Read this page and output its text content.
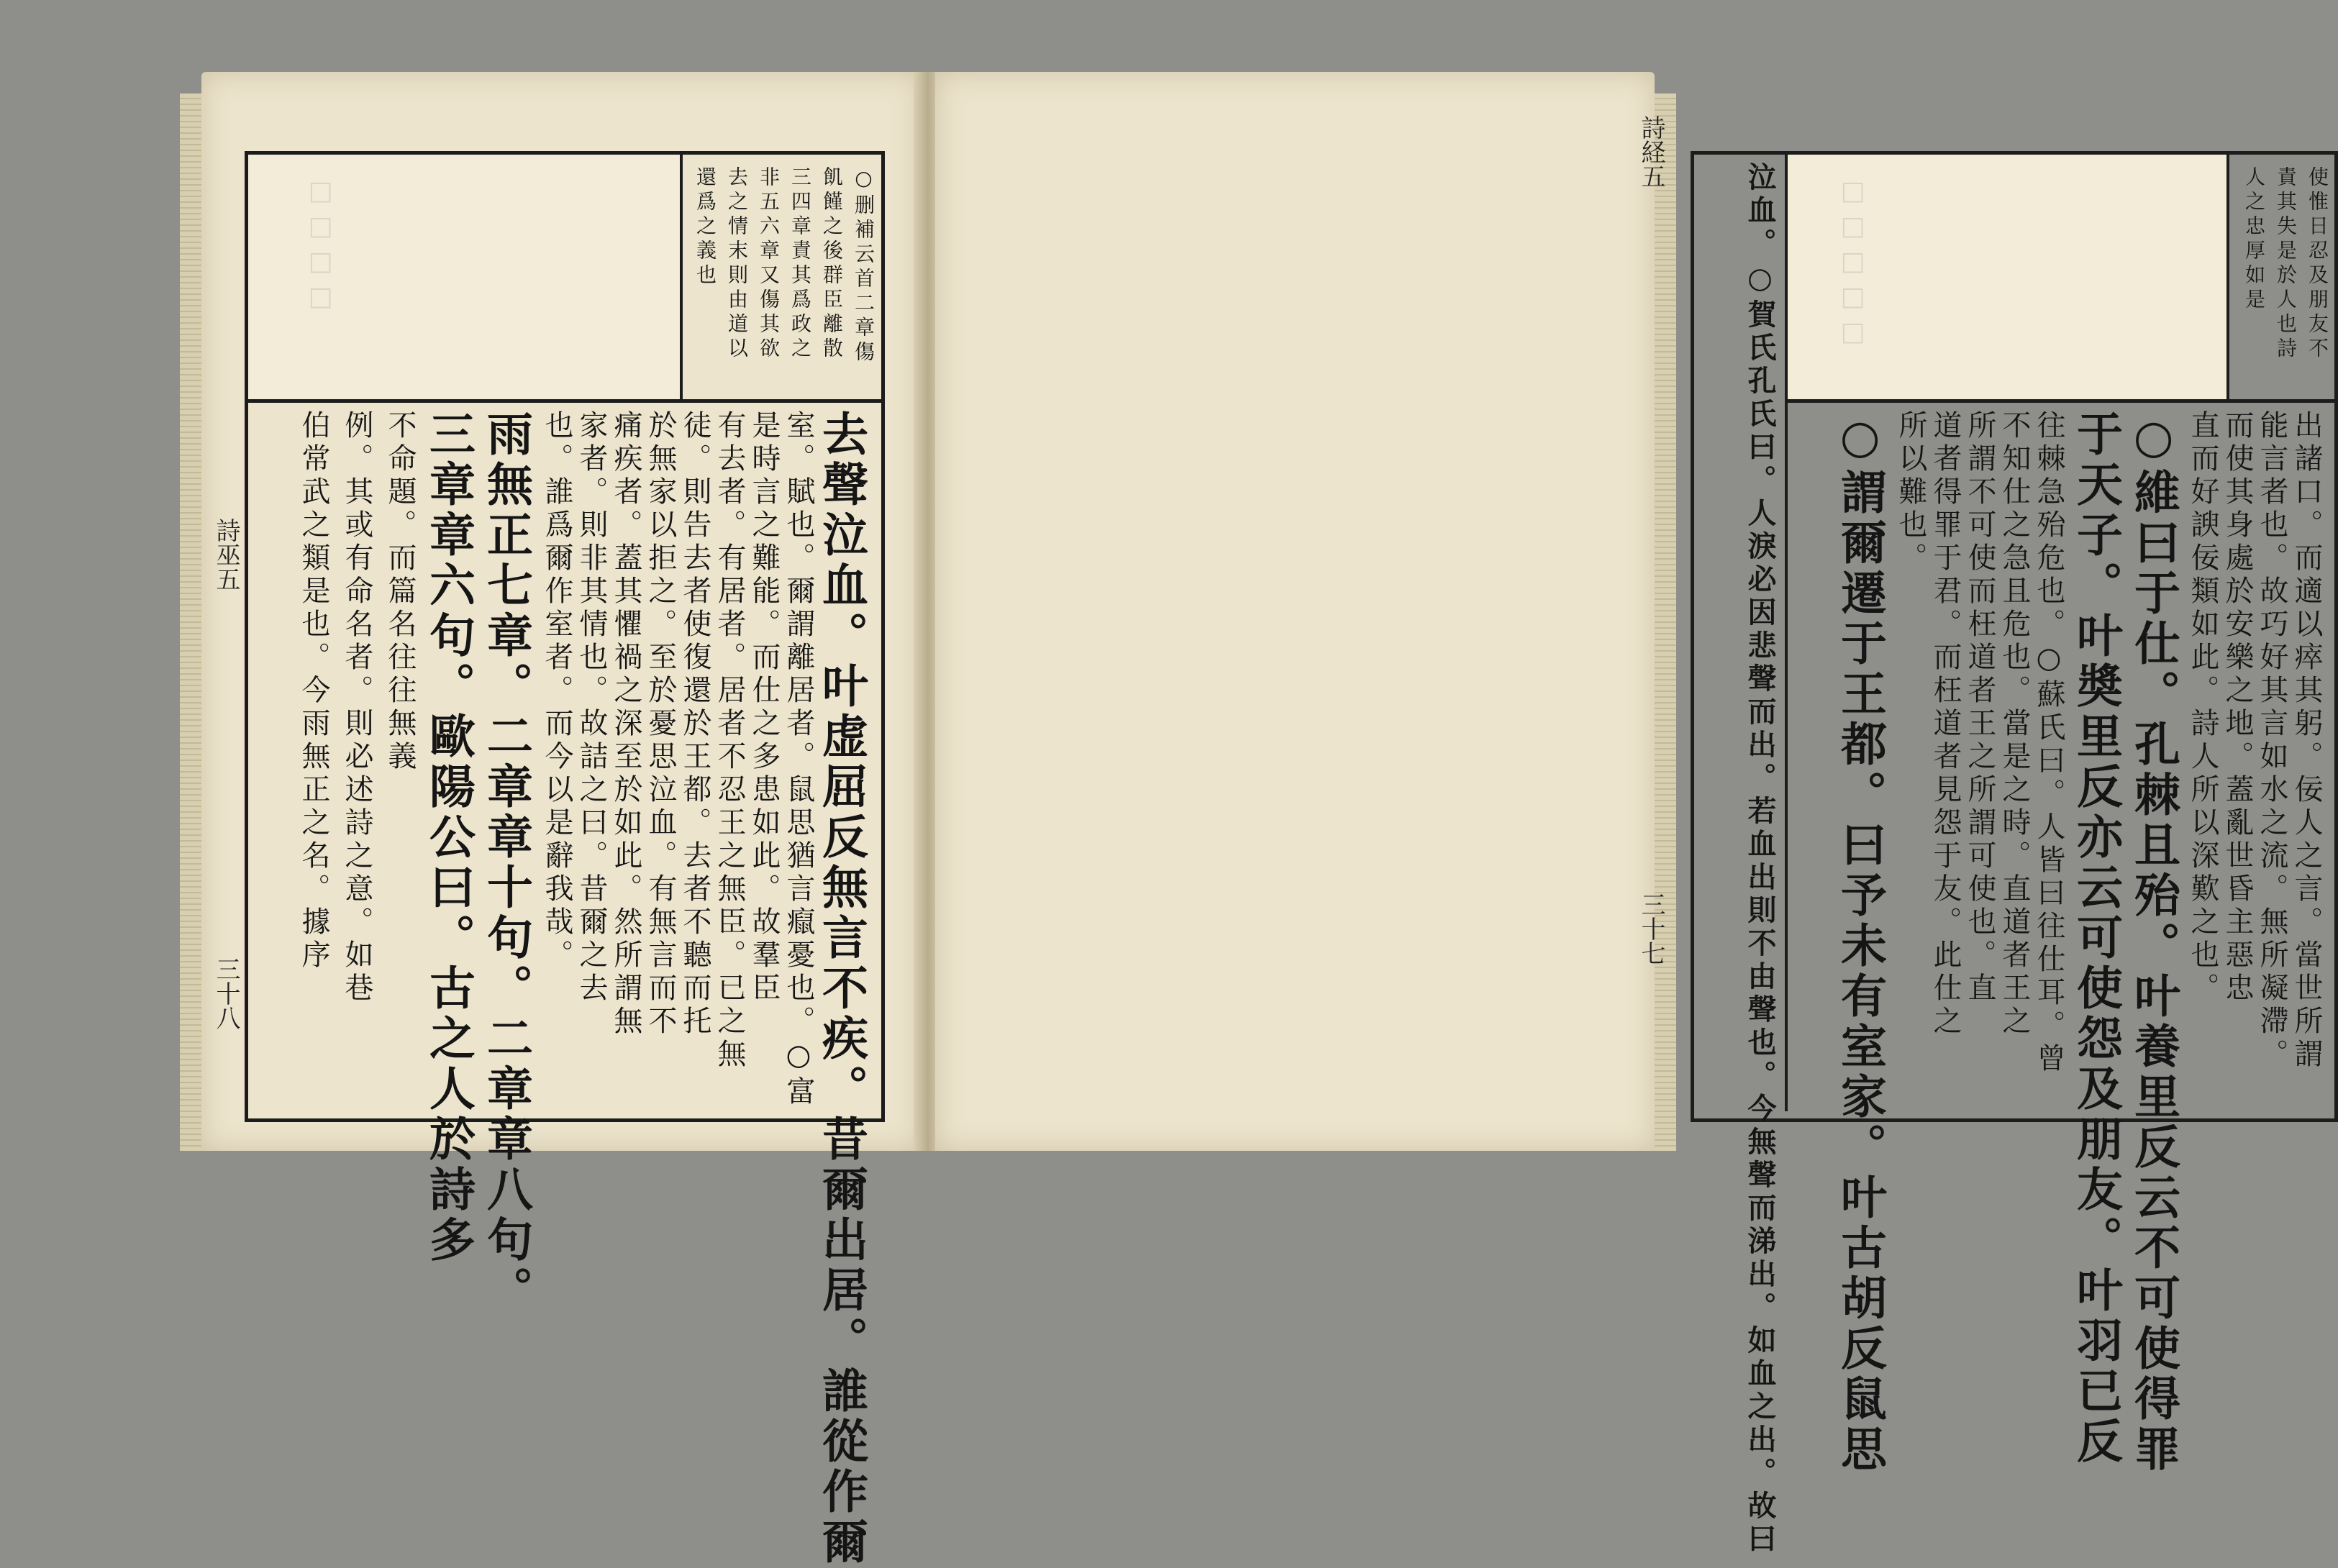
詩巫五
三十八
□□□□	○删補云首二章傷
飢饉之後群臣離散
三四章責其爲政之
非五六章又傷其欲
去之情末則由道以
還爲之義也
去聲泣血。叶虚屈反無言不疾。昔爾出居。誰從作爾
室。賦也。爾謂離居者。鼠思猶言癙憂也。○富
是時言之難能。而仕之多患如此。故羣臣
有去者。有居者。居者不忍王之無臣。已之無
徒。則告去者使復還於王都。去者不聽而托
於無家以拒之。至於憂思泣血。有無言而不
痛疾者。蓋其懼禍之深至於如此。然所謂無
家者。則非其情也。故詰之曰。昔爾之去
也。誰爲爾作室者。而今以是辭我哉。
雨無正七章。二章章十句。二章章八句。
三章章六句。歐陽公曰。古之人於詩多
不命題。而篇名往往無義
例。其或有命名者。則必述詩之意。如巷
伯常武之類是也。今雨無正之名。據序
詩経五
三十七
□□□□□	使惟日忍及朋友不
責其失是於人也詩
人之忠厚如是
出諸口。而適以瘁其躬。佞人之言。當世所謂
能言者也。故巧好其言如水之流。無所凝滯。
而使其身處於安樂之地。蓋亂世昏主惡忠
直而好諛佞類如此。詩人所以深歎之也。
○維曰于仕。孔棘且殆。叶養里反云不可使得罪
于天子。叶奬里反亦云可使怨及朋友。叶羽已反
往棘急殆危也。○蘇氏曰。人皆曰往仕耳。曾
不知仕之急且危也。當是之時。直道者王之
所謂不可使而枉道者王之所謂可使也。直
道者得罪于君。而枉道者見怨于友。此仕之
所以難也。
○謂爾遷于王都。曰予未有室家。叶古胡反鼠思
泣血。○賀氏孔氏曰。人淚必因悲聲而出。若血出則不由聲也。今無聲而涕出。如血之出。故曰
